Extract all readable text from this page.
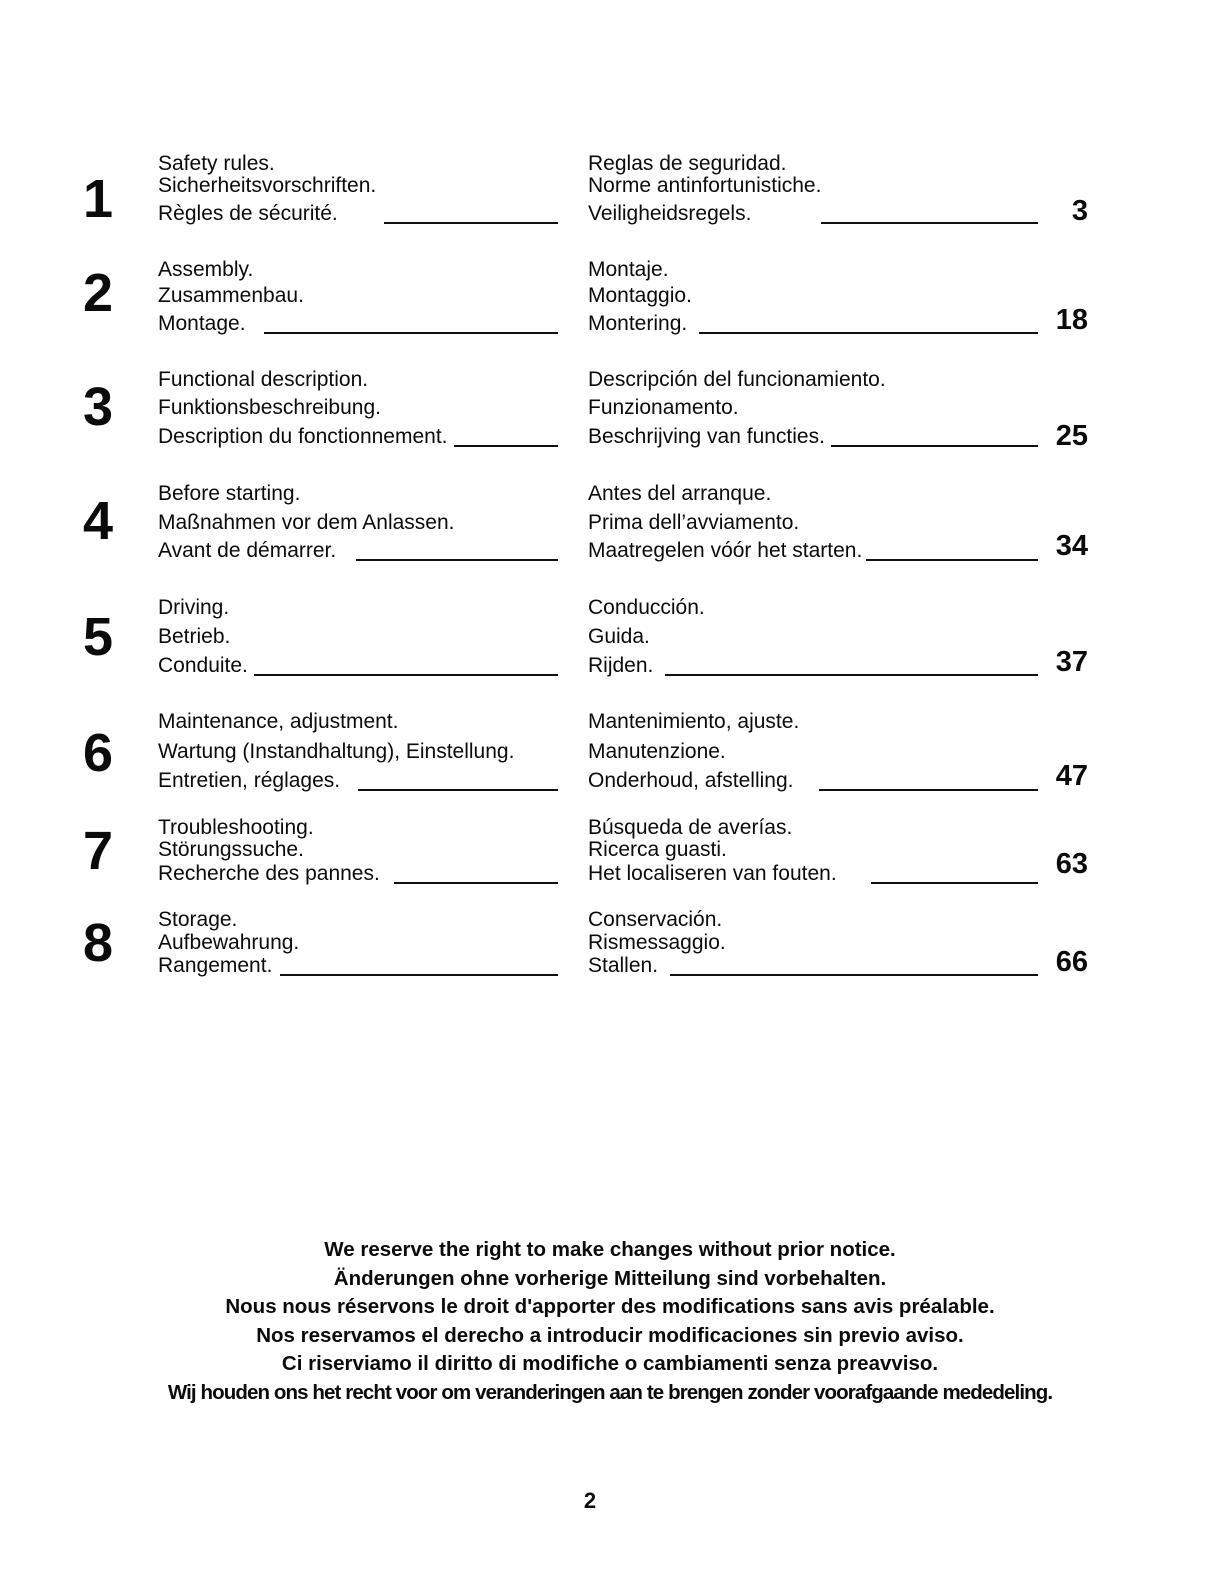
1
Safety rules.
Sicherheitsvorschriften.
Règles de sécurité.
Reglas de seguridad.
Norme antinfortunistiche.
Veiligheidsregels.	3
2	Assembly.
Zusammenbau.
Montage.
Montaje.
Montaggio.
Montering.	18
3	Functional description.
Funktionsbeschreibung.
Description du fonctionnement.
Descripción del funcionamiento.
Funzionamento.
Beschrijving van functies.	25
4	Before starting.
Maßnahmen vor dem Anlassen.
Avant de démarrer.
Antes del arranque.
Prima dell’avviamento.
Maatregelen vóór het starten.	34
5	Driving.
Betrieb.
Conduite.
Conducción.
Guida.
Rijden.	37
6
Maintenance, adjustment.
Wartung (Instandhaltung), Einstellung.
Entretien, réglages.
Mantenimiento, ajuste.
Manutenzione.
Onderhoud, afstelling.	47
7	Troubleshooting.
Störungssuche.
Recherche des pannes.
Búsqueda de averías.
Ricerca guasti.
Het localiseren van fouten.	63
8	Storage.
Aufbewahrung.
Rangement.
Conservación.
Rismessaggio.
Stallen.	66
We reserve the right to make changes without prior notice.
Änderungen ohne vorherige Mitteilung sind vorbehalten.
Nous nous réservons le droit d'apporter des modifications sans avis préalable.
Nos reservamos el derecho a introducir modificaciones sin previo aviso.
Ci riserviamo il diritto di modifiche o cambiamenti senza preavviso.
Wij houden ons het recht voor om veranderingen aan te brengen zonder voorafgaande mededeling.
2
